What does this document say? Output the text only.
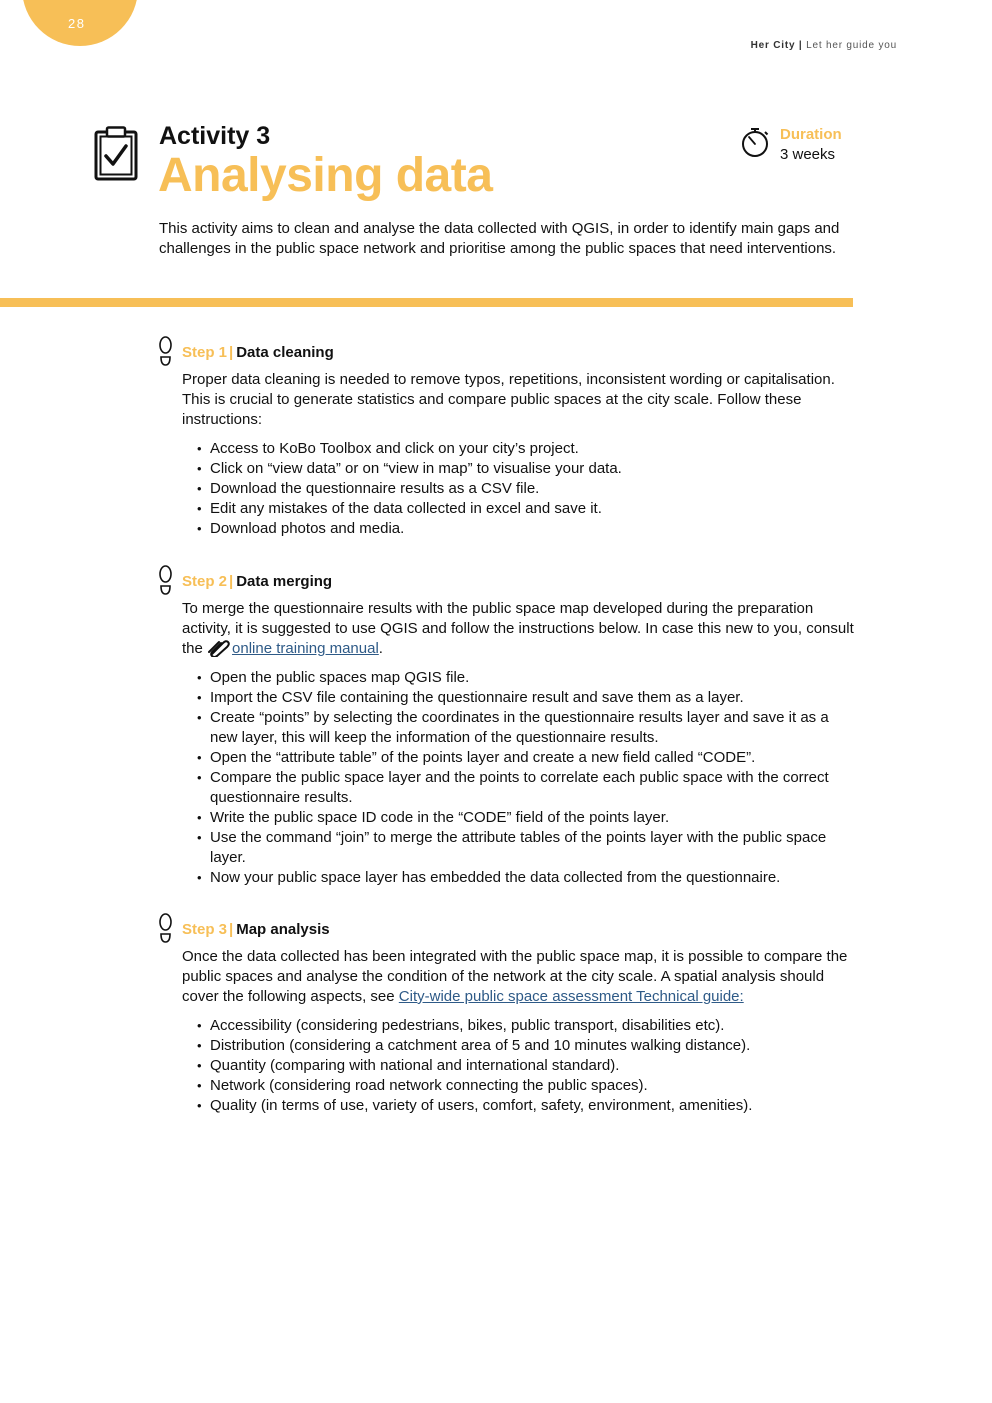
28
Her City | Let her guide you
Activity 3
Analysing data
Duration
3 weeks

This activity aims to clean and analyse the data collected with QGIS, in order to identify main gaps and challenges in the public space network and prioritise among the public spaces that need interventions.

Step 1 | Data cleaning

Proper data cleaning is needed to remove typos, repetitions, inconsistent wording or capitalisation. This is crucial to generate statistics and compare public spaces at the city scale. Follow these instructions:

• Access to KoBo Toolbox and click on your city’s project.
• Click on “view data” or on “view in map” to visualise your data.
• Download the questionnaire results as a CSV file.
• Edit any mistakes of the data collected in excel and save it.
• Download photos and media.
Step 2 | Data merging

To merge the questionnaire results with the public space map developed during the preparation activity, it is suggested to use QGIS and follow the instructions below. In case this new to you, consult the online training manual.

• Open the public spaces map QGIS file.
• Import the CSV file containing the questionnaire result and save them as a layer.
• Create “points” by selecting the coordinates in the questionnaire results layer and save it as a new layer, this will keep the information of the questionnaire results.
• Open the “attribute table” of the points layer and create a new field called “CODE”.
• Compare the public space layer and the points to correlate each public space with the correct questionnaire results.
• Write the public space ID code in the “CODE” field of the points layer.
• Use the command “join” to merge the attribute tables of the points layer with the public space layer.
• Now your public space layer has embedded the data collected from the questionnaire.
Step 3 | Map analysis

Once the data collected has been integrated with the public space map, it is possible to compare the public spaces and analyse the condition of the network at the city scale. A spatial analysis should cover the following aspects, see City-wide public space assessment Technical guide:

• Accessibility (considering pedestrians, bikes, public transport, disabilities etc).
• Distribution (considering a catchment area of 5 and 10 minutes walking distance).
• Quantity (comparing with national and international standard).
• Network (considering road network connecting the public spaces).
• Quality (in terms of use, variety of users, comfort, safety, environment, amenities).
